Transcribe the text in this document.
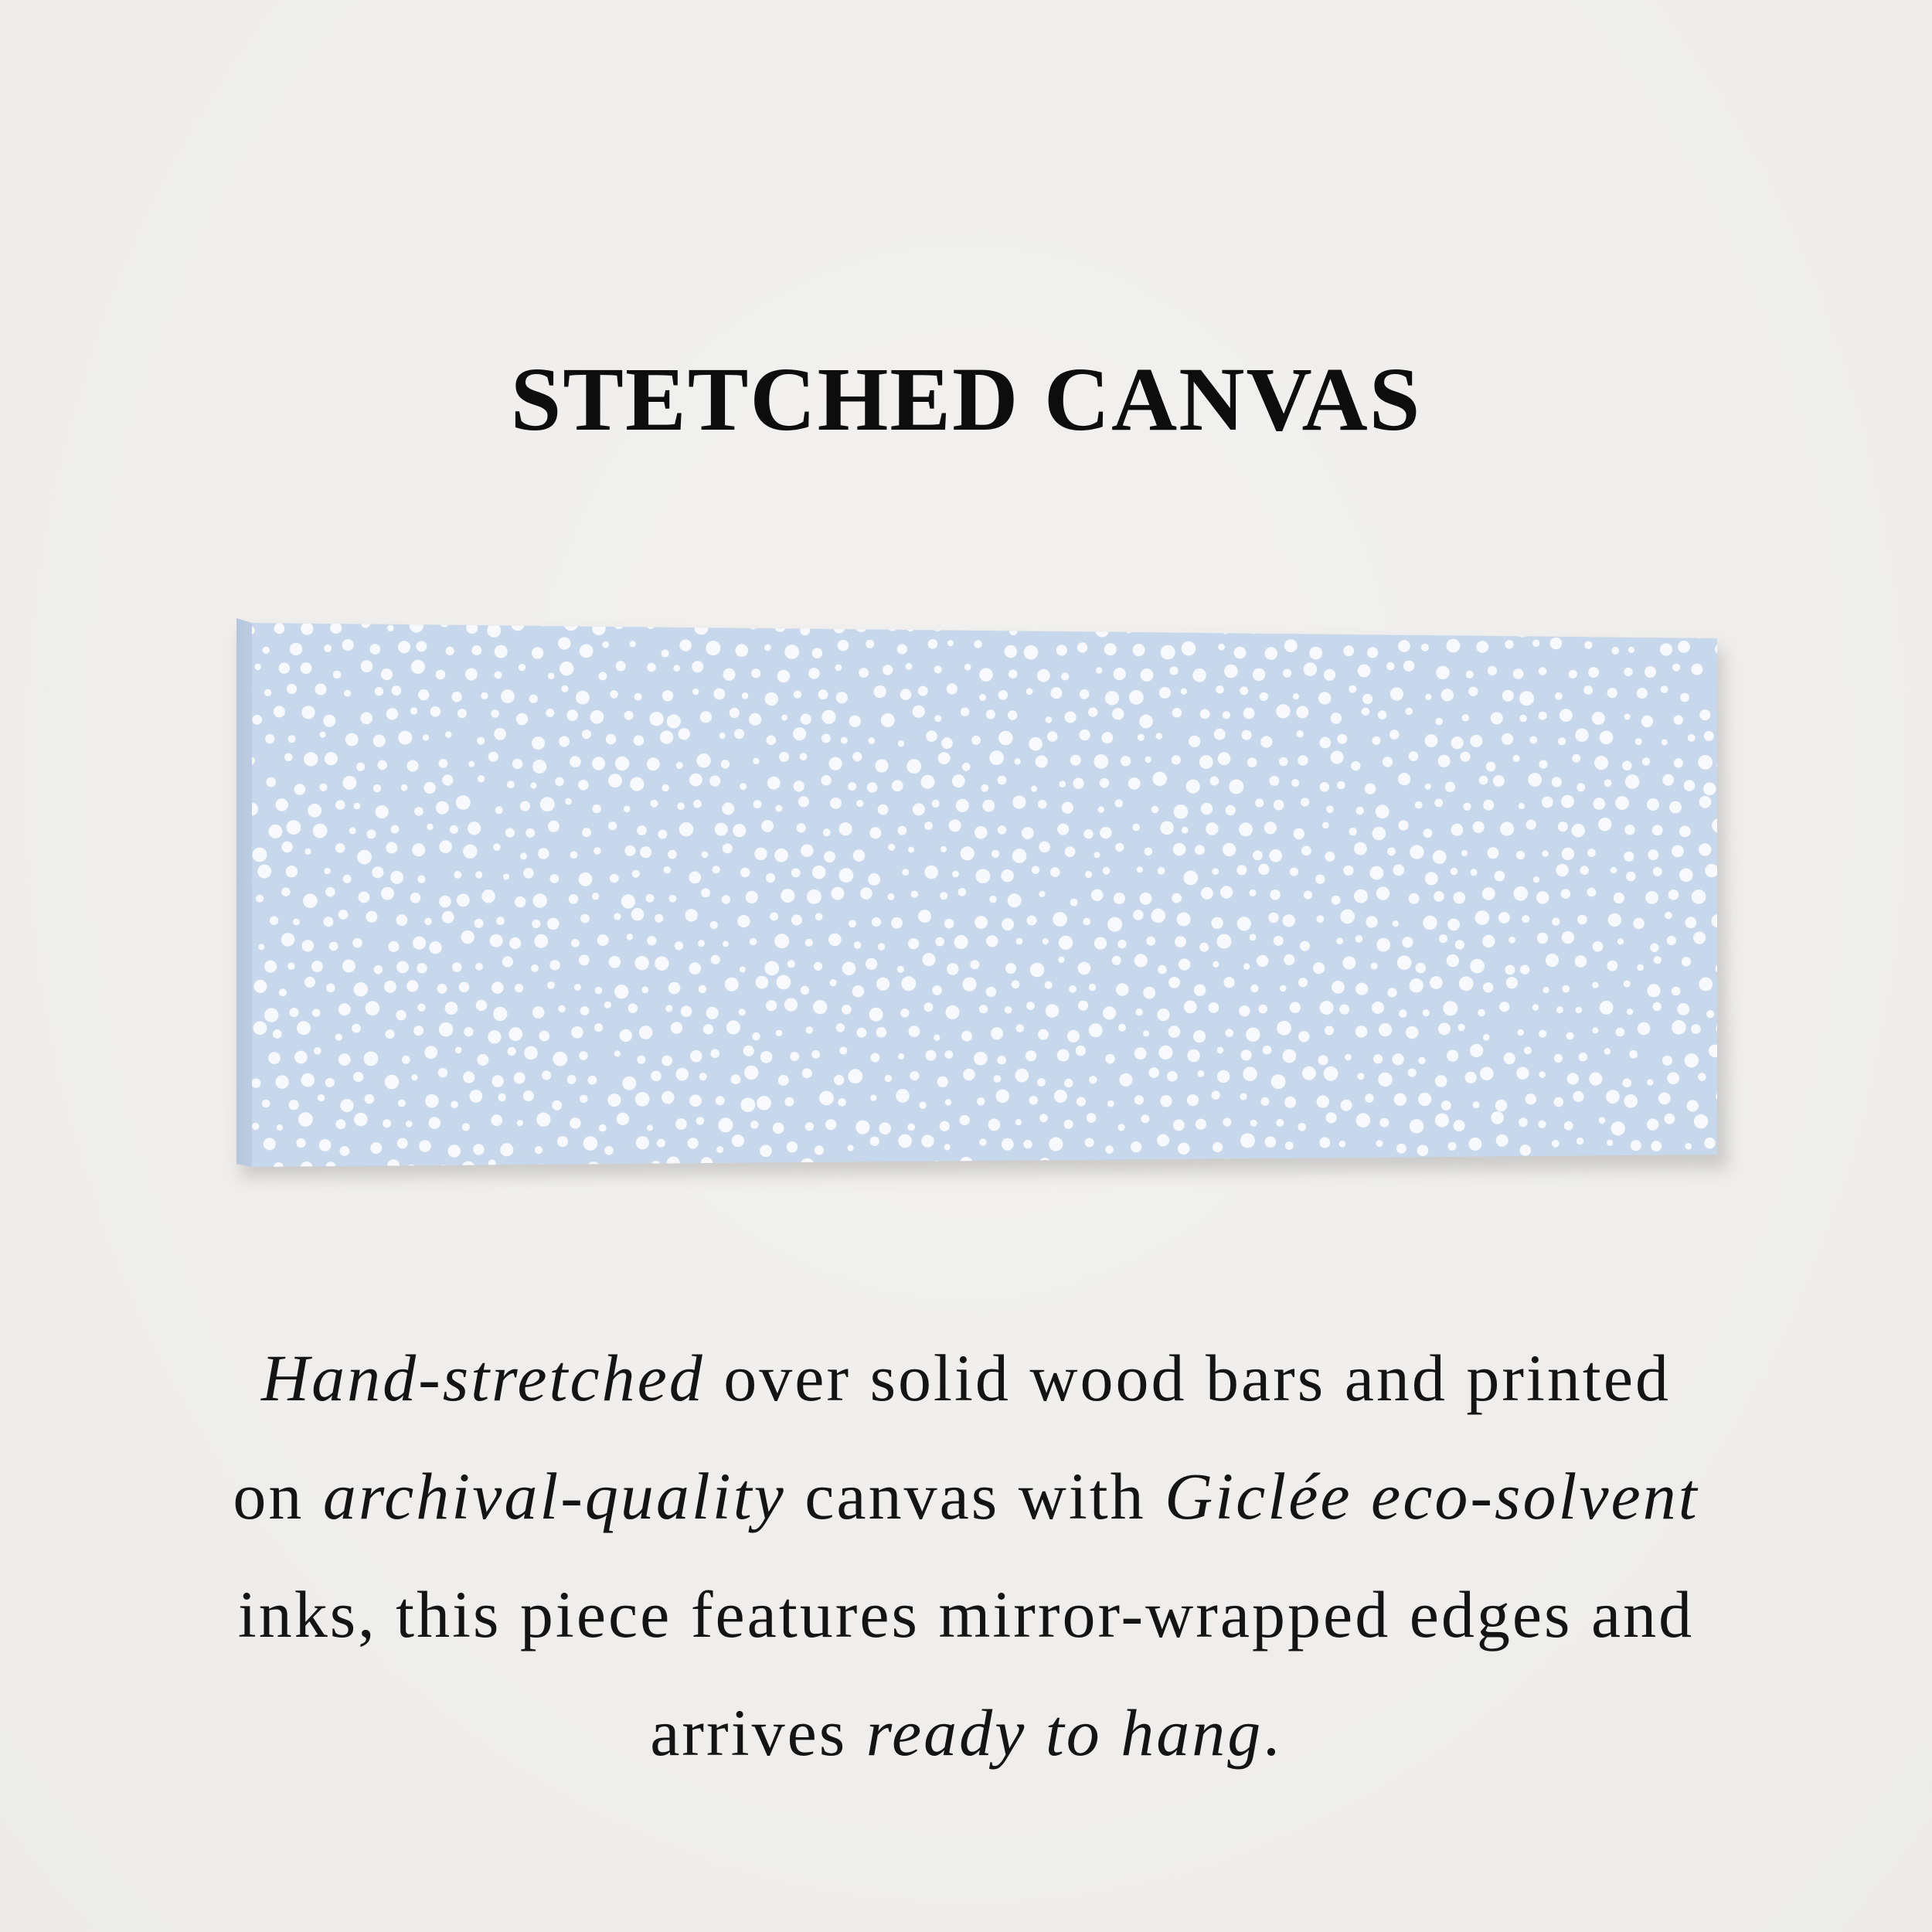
STETCHED CANVAS

Hand-stretched over solid wood bars and printed
on archival-quality canvas with Giclée eco-solvent
inks, this piece features mirror-wrapped edges and
arrives ready to hang.
